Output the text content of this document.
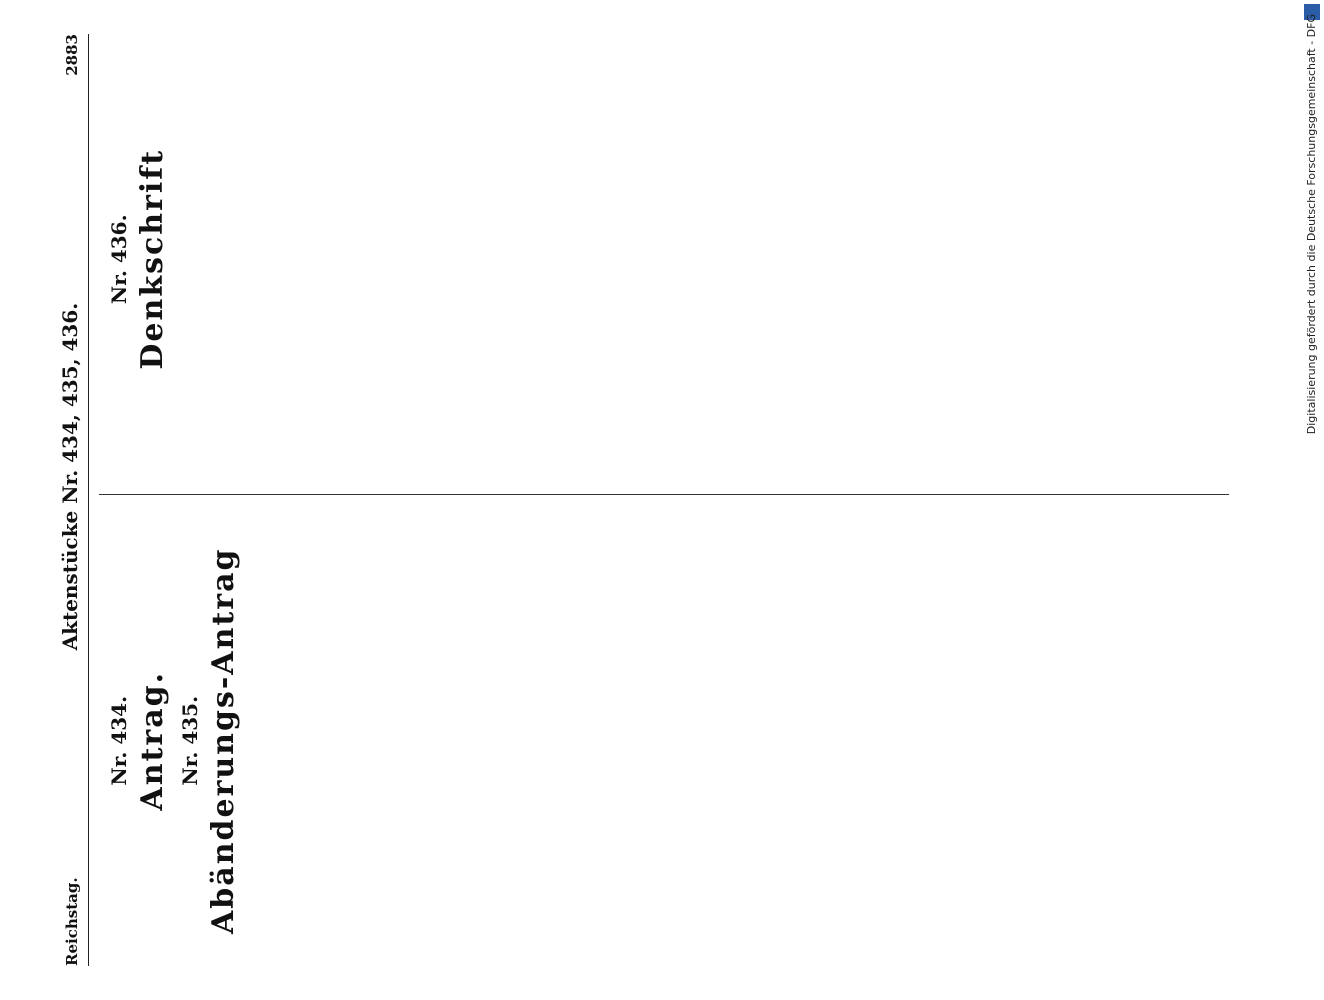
Reichstag.
Aktenstücke Nr. 434, 435, 436.
2883
Nr. 434. Antrag. Nr. 435. Abänderungs-Antrag
Nr. 436. Denkschrift	Digitalisierung gefördert durch die Deutsche Forschungsgemeinschaft - DFG
